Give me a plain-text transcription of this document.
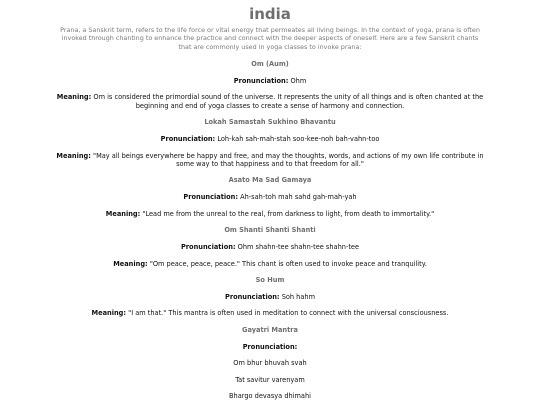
india

Prana, a Sanskrit term, refers to the life force or vital energy that permeates all living beings. In the context of yoga, prana is often invoked through chanting to enhance the practice and connect with the deeper aspects of oneself. Here are a few Sanskrit chants that are commonly used in yoga classes to invoke prana:

Om (Aum)

Pronunciation: Ohm

Meaning: Om is considered the primordial sound of the universe. It represents the unity of all things and is often chanted at the beginning and end of yoga classes to create a sense of harmony and connection.

Lokah Samastah Sukhino Bhavantu

Pronunciation: Loh-kah sah-mah-stah soo-kee-noh bah-vahn-too

Meaning: "May all beings everywhere be happy and free, and may the thoughts, words, and actions of my own life contribute in some way to that happiness and to that freedom for all."

Asato Ma Sad Gamaya

Pronunciation: Ah-sah-toh mah sahd gah-mah-yah

Meaning: "Lead me from the unreal to the real, from darkness to light, from death to immortality."

Om Shanti Shanti Shanti

Pronunciation: Ohm shahn-tee shahn-tee shahn-tee

Meaning: "Om peace, peace, peace." This chant is often used to invoke peace and tranquility.

So Hum

Pronunciation: Soh hahm

Meaning: "I am that." This mantra is often used in meditation to connect with the universal consciousness.

Gayatri Mantra

Pronunciation:

Om bhur bhuvah svah

Tat savitur varenyam

Bhargo devasya dhimahi
